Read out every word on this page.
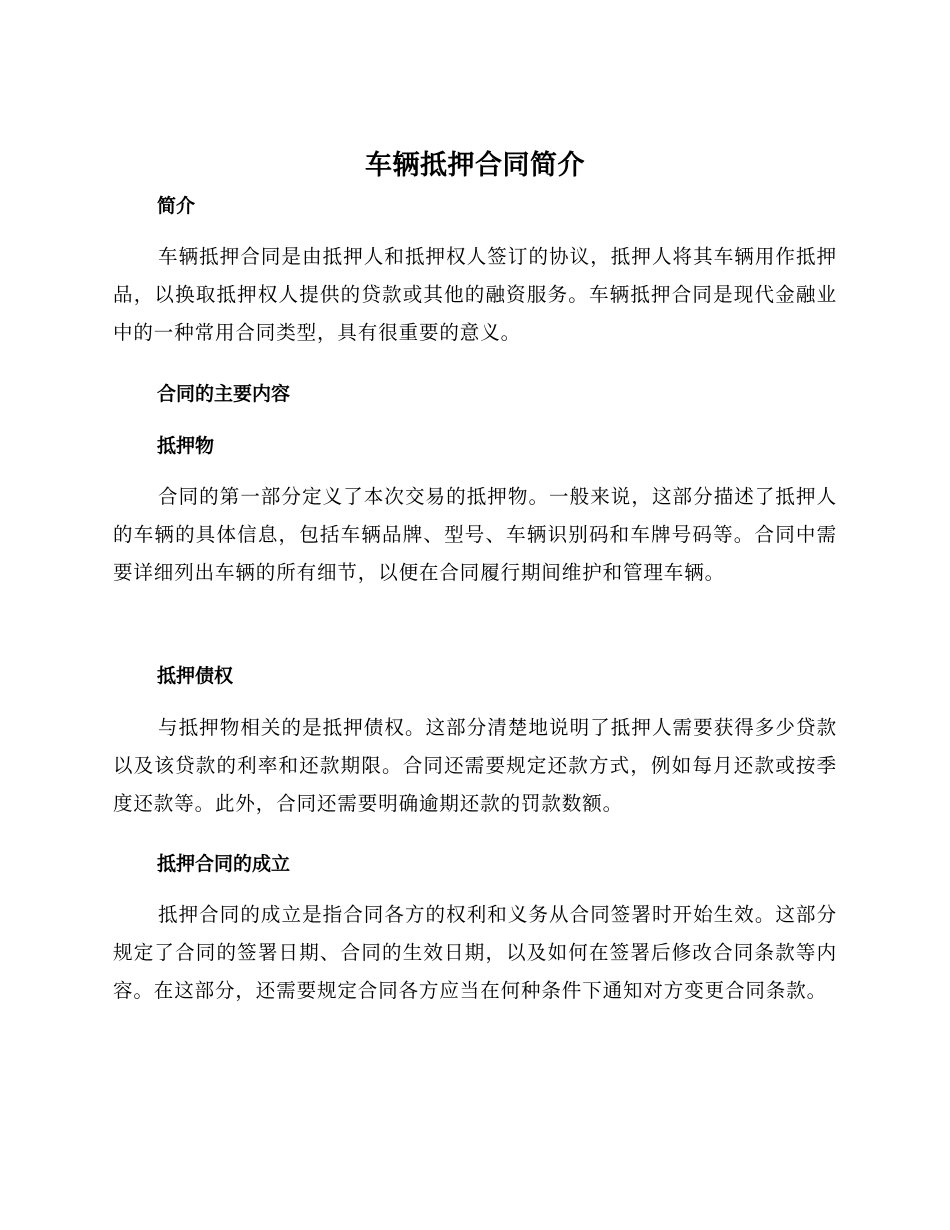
车辆抵押合同简介
简介

车辆抵押合同是由抵押人和抵押权人签订的协议，抵押人将其车辆用作抵押品，以换取抵押权人提供的贷款或其他的融资服务。车辆抵押合同是现代金融业中的一种常用合同类型，具有很重要的意义。

合同的主要内容
抵押物

合同的第一部分定义了本次交易的抵押物。一般来说，这部分描述了抵押人的车辆的具体信息，包括车辆品牌、型号、车辆识别码和车牌号码等。合同中需要详细列出车辆的所有细节，以便在合同履行期间维护和管理车辆。

抵押债权

与抵押物相关的是抵押债权。这部分清楚地说明了抵押人需要获得多少贷款以及该贷款的利率和还款期限。合同还需要规定还款方式，例如每月还款或按季度还款等。此外，合同还需要明确逾期还款的罚款数额。

抵押合同的成立

抵押合同的成立是指合同各方的权利和义务从合同签署时开始生效。这部分规定了合同的签署日期、合同的生效日期，以及如何在签署后修改合同条款等内容。在这部分，还需要规定合同各方应当在何种条件下通知对方变更合同条款。
